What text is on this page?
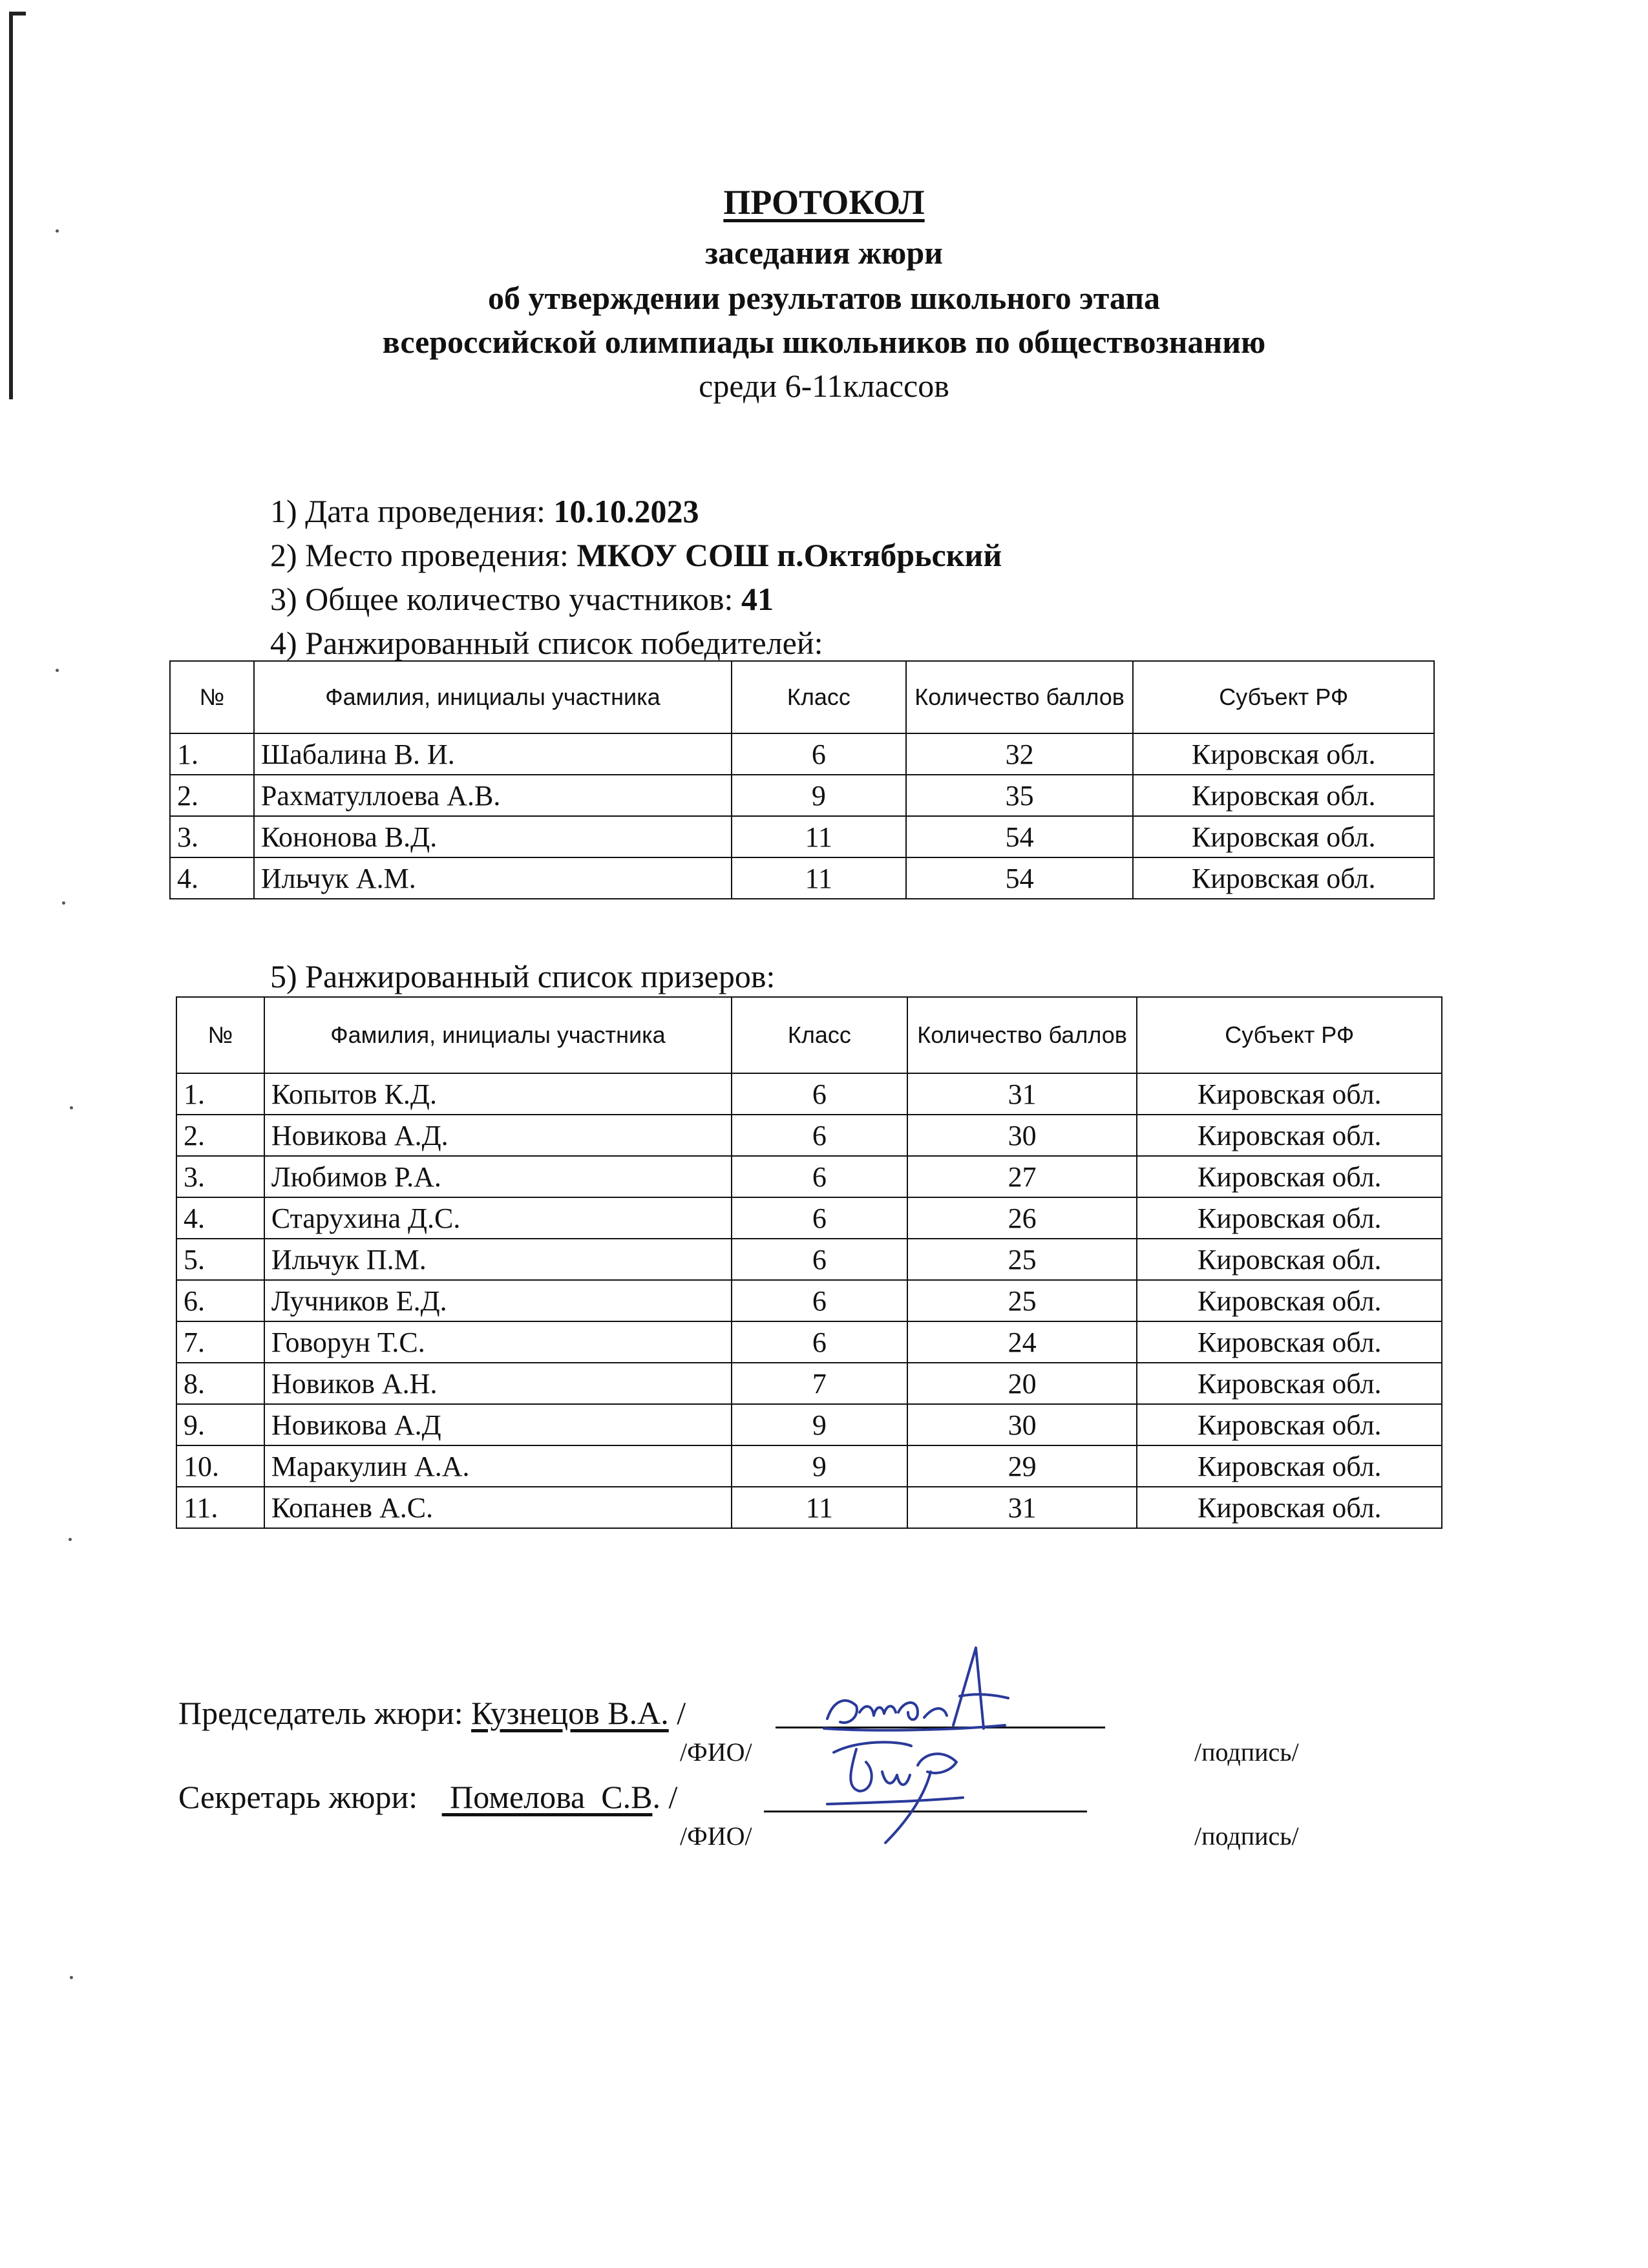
ПРОТОКОЛ
заседания жюри
об утверждении результатов школьного этапа
всероссийской олимпиады школьников по обществознанию
среди 6-11классов
1) Дата проведения: 10.10.2023
2) Место проведения: МКОУ СОШ п.Октябрьский
3) Общее количество участников: 41
4) Ранжированный список победителей:
№	Фамилия, инициалы участника	Класс	Количество баллов	Субъект РФ
1.	Шабалина В. И.	6	32	Кировская обл.
2.	Рахматуллоева А.В.	9	35	Кировская обл.
3.	Кононова В.Д.	11	54	Кировская обл.
4.	Ильчук А.М.	11	54	Кировская обл.
5) Ранжированный список призеров:
№	Фамилия, инициалы участника	Класс	Количество баллов	Субъект РФ
1.	Копытов К.Д.	6	31	Кировская обл.
2.	Новикова А.Д.	6	30	Кировская обл.
3.	Любимов Р.А.	6	27	Кировская обл.
4.	Старухина Д.С.	6	26	Кировская обл.
5.	Ильчук П.М.	6	25	Кировская обл.
6.	Лучников Е.Д.	6	25	Кировская обл.
7.	Говорун Т.С.	6	24	Кировская обл.
8.	Новиков А.Н.	7	20	Кировская обл.
9.	Новикова А.Д	9	30	Кировская обл.
10.	Маракулин А.А.	9	29	Кировская обл.
11.	Копанев А.С.	11	31	Кировская обл.
Председатель жюри: Кузнецов В.А. /
/ФИО/	/подпись/
Секретарь жюри:    Помелова  С.В. /
/ФИО/	/подпись/
